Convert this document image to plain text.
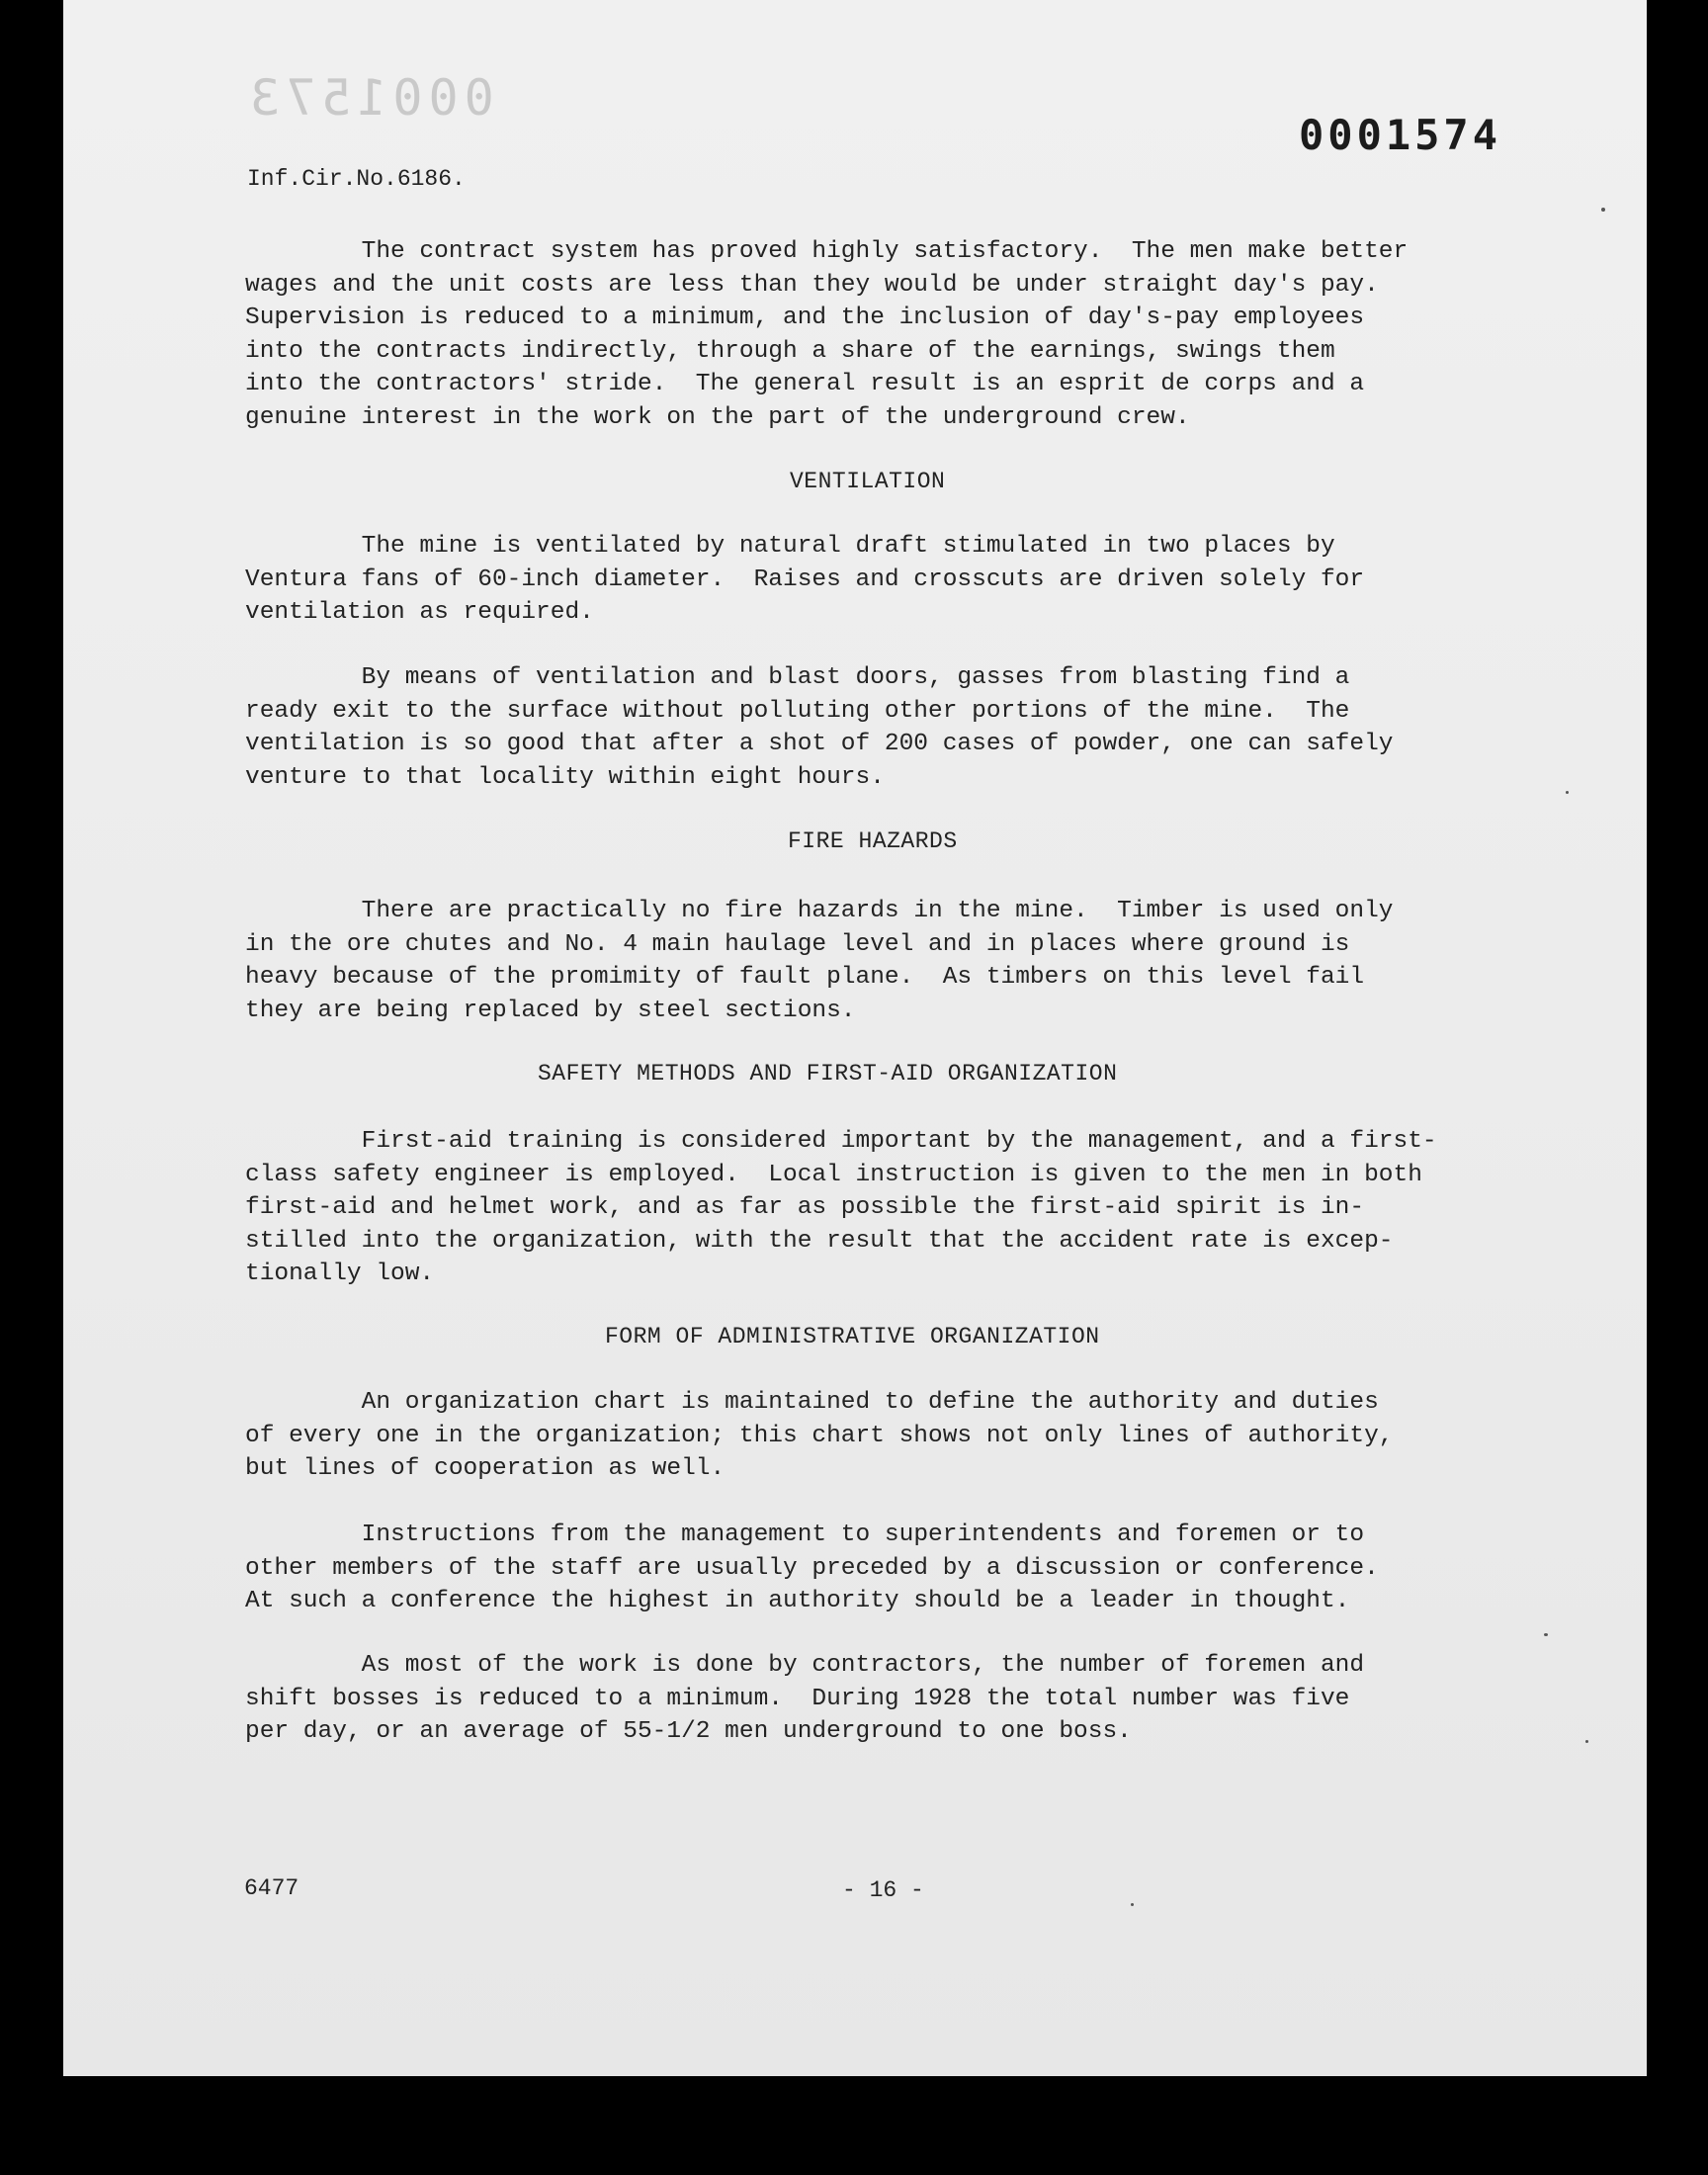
0001573
0001574
Inf.Cir.No.6186.

	The contract system has proved highly satisfactory.  The men make better
wages and the unit costs are less than they would be under straight day's pay.
Supervision is reduced to a minimum, and the inclusion of day's-pay employees
into the contracts indirectly, through a share of the earnings, swings them
into the contractors' stride.  The general result is an esprit de corps and a
genuine interest in the work on the part of the underground crew.

VENTILATION

	The mine is ventilated by natural draft stimulated in two places by
Ventura fans of 60-inch diameter.  Raises and crosscuts are driven solely for
ventilation as required.

	By means of ventilation and blast doors, gasses from blasting find a
ready exit to the surface without polluting other portions of the mine.  The
ventilation is so good that after a shot of 200 cases of powder, one can safely
venture to that locality within eight hours.

FIRE HAZARDS

	There are practically no fire hazards in the mine.  Timber is used only
in the ore chutes and No. 4 main haulage level and in places where ground is
heavy because of the promimity of fault plane.  As timbers on this level fail
they are being replaced by steel sections.

SAFETY METHODS AND FIRST-AID ORGANIZATION

	First-aid training is considered important by the management, and a first-
class safety engineer is employed.  Local instruction is given to the men in both
first-aid and helmet work, and as far as possible the first-aid spirit is in-
stilled into the organization, with the result that the accident rate is excep-
tionally low.

FORM OF ADMINISTRATIVE ORGANIZATION

	An organization chart is maintained to define the authority and duties
of every one in the organization; this chart shows not only lines of authority,
but lines of cooperation as well.

	Instructions from the management to superintendents and foremen or to
other members of the staff are usually preceded by a discussion or conference.
At such a conference the highest in authority should be a leader in thought.

	As most of the work is done by contractors, the number of foremen and
shift bosses is reduced to a minimum.  During 1928 the total number was five
per day, or an average of 55-1/2 men underground to one boss.

6477	- 16 -
